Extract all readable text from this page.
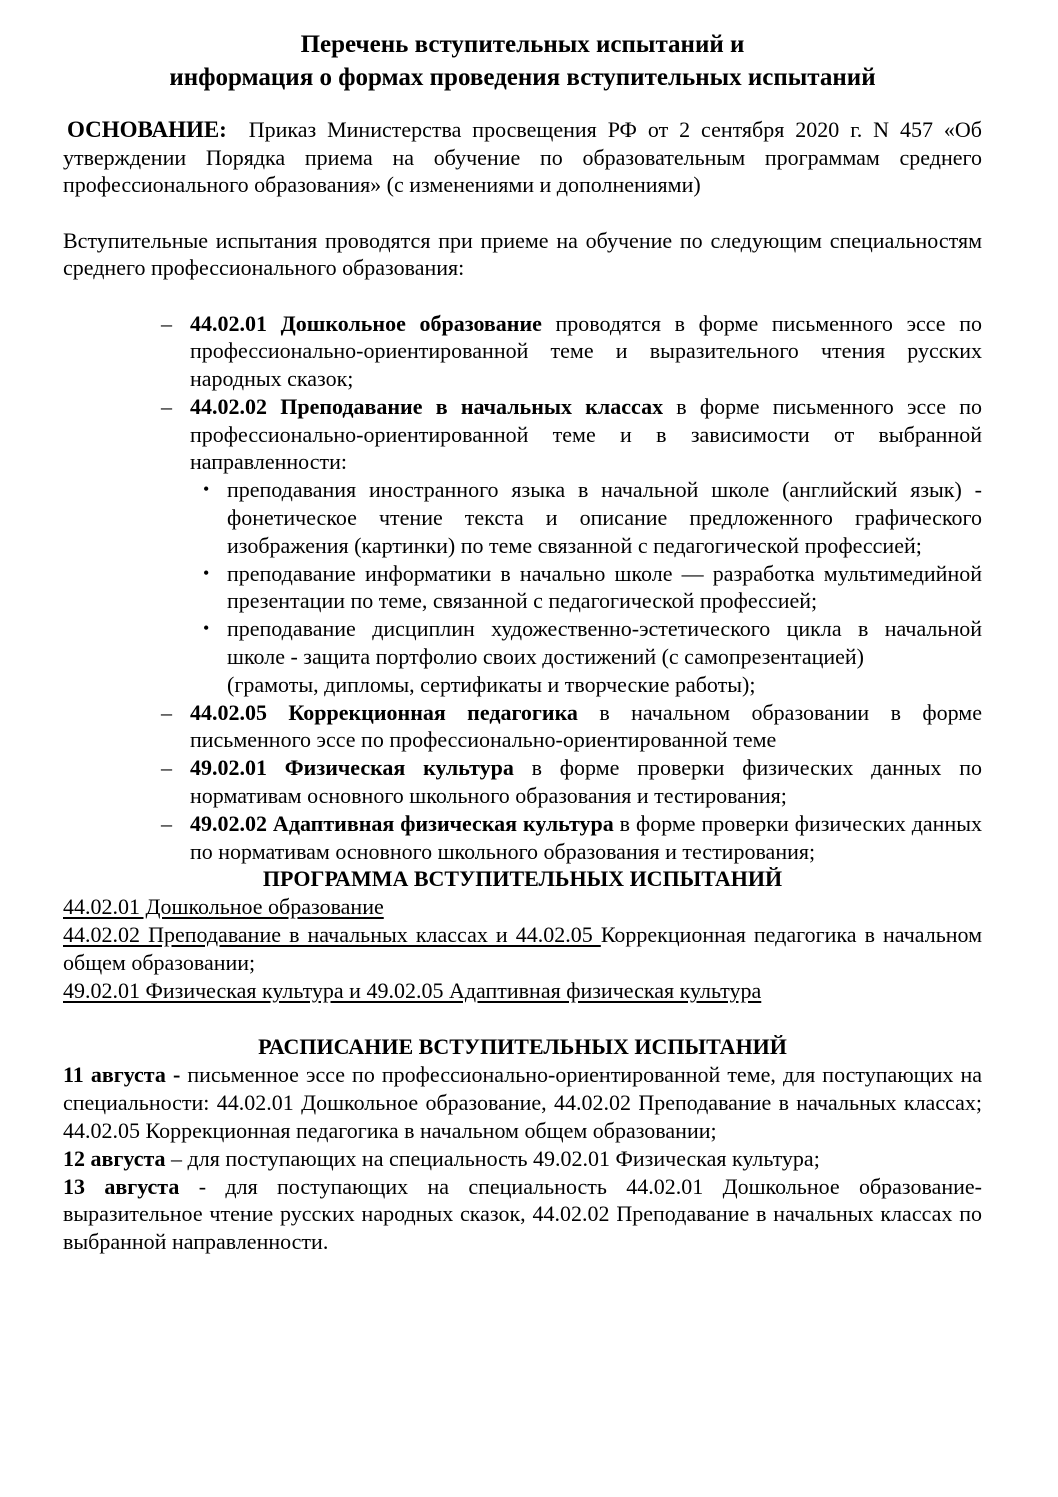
Перечень вступительных испытаний и
информация о формах проведения вступительных испытаний

ОСНОВАНИЕ: Приказ Министерства просвещения РФ от 2 сентября 2020 г. N 457 «Об утверждении Порядка приема на обучение по образовательным программам среднего профессионального образования» (с изменениями и дополнениями)

Вступительные испытания проводятся при приеме на обучение по следующим специальностям среднего профессионального образования:

– 44.02.01 Дошкольное образование проводятся в форме письменного эссе по профессионально-ориентированной теме и выразительного чтения русских народных сказок;
– 44.02.02 Преподавание в начальных классах в форме письменного эссе по профессионально-ориентированной теме и в зависимости от выбранной направленности:
• преподавания иностранного языка в начальной школе (английский язык) - фонетическое чтение текста и описание предложенного графического изображения (картинки) по теме связанной с педагогической профессией;
• преподавание информатики в начально школе — разработка мультимедийной презентации по теме, связанной с педагогической профессией;
• преподавание дисциплин художественно-эстетического цикла в начальной школе - защита портфолио своих достижений (с самопрезентацией)
(грамоты, дипломы, сертификаты и творческие работы);
– 44.02.05 Коррекционная педагогика в начальном образовании в форме письменного эссе по профессионально-ориентированной теме
– 49.02.01 Физическая культура в форме проверки физических данных по нормативам основного школьного образования и тестирования;
– 49.02.02 Адаптивная физическая культура в форме проверки физических данных по нормативам основного школьного образования и тестирования;
ПРОГРАММА ВСТУПИТЕЛЬНЫХ ИСПЫТАНИЙ
44.02.01 Дошкольное образование
44.02.02 Преподавание в начальных классах и 44.02.05 Коррекционная педагогика в начальном общем образовании;
49.02.01 Физическая культура и 49.02.05 Адаптивная физическая культура
РАСПИСАНИЕ ВСТУПИТЕЛЬНЫХ ИСПЫТАНИЙ

11 августа - письменное эссе по профессионально-ориентированной теме, для поступающих на специальности: 44.02.01 Дошкольное образование, 44.02.02 Преподавание в начальных классах; 44.02.05 Коррекционная педагогика в начальном общем образовании;

12 августа – для поступающих на специальность 49.02.01 Физическая культура;

13 августа - для поступающих на специальность 44.02.01 Дошкольное образование- выразительное чтение русских народных сказок, 44.02.02 Преподавание в начальных классах по выбранной направленности.
